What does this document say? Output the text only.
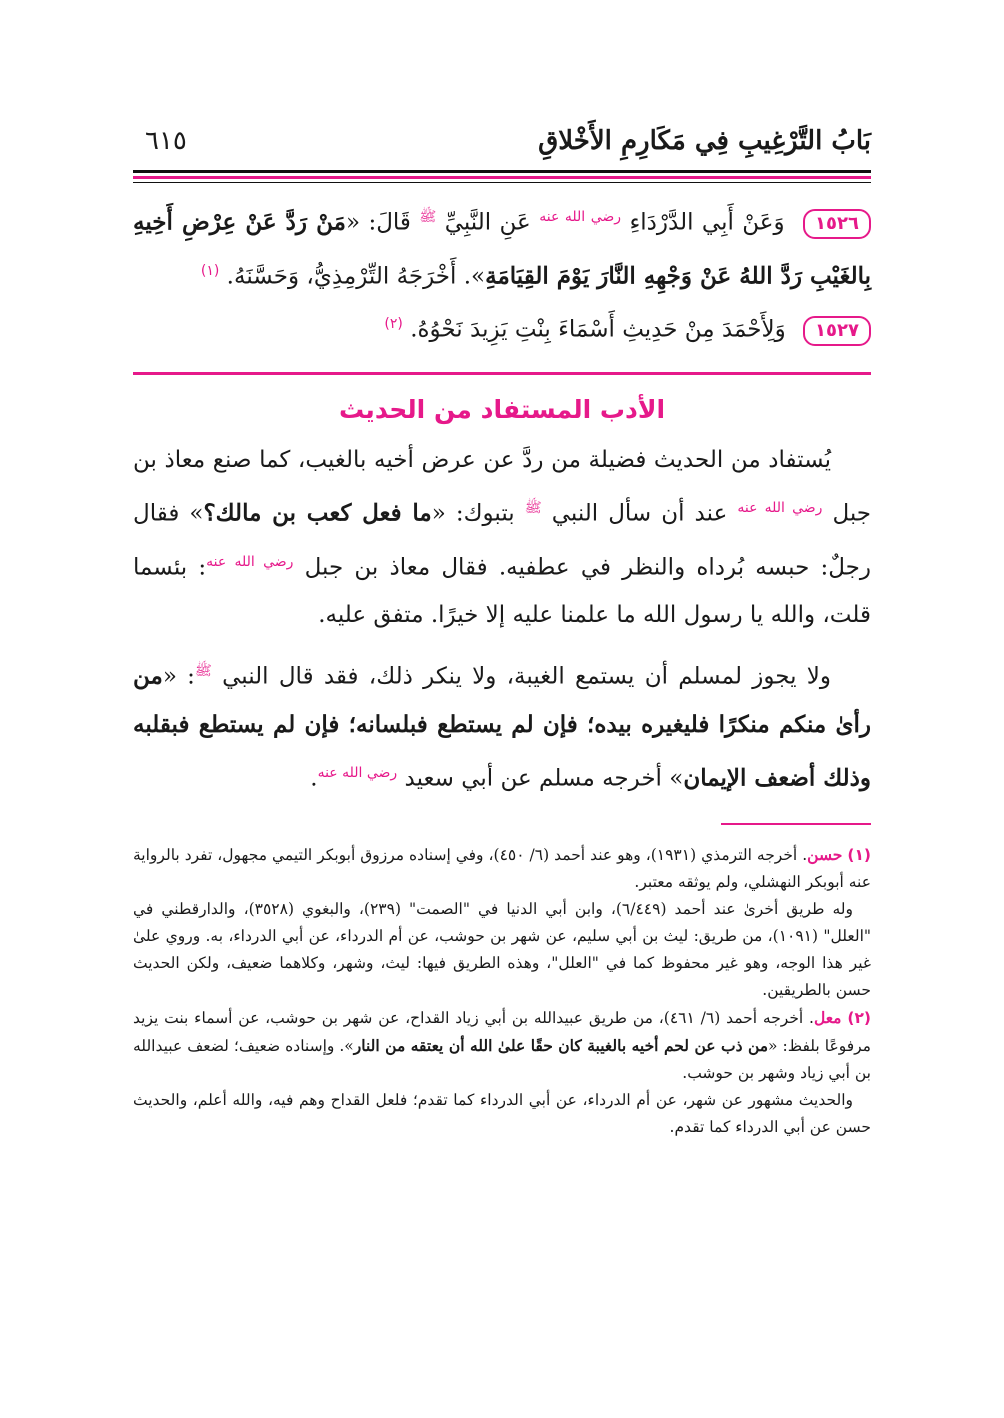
بَابُ التَّرْغِيبِ فِي مَكَارِمِ الأَخْلاقِ
٦١٥

١٥٢٦ وَعَنْ أَبِي الدَّرْدَاءِ $^{رضي الله عنه}$ عَنِ النَّبِيِّ $^ﷺ$ قَالَ: «مَنْ رَدَّ عَنْ عِرْضِ أَخِيهِ بِالغَيْبِ رَدَّ اللهُ عَنْ وَجْهِهِ النَّارَ يَوْمَ القِيَامَةِ». أَخْرَجَهُ التِّرْمِذِيُّ، وَحَسَّنَهُ. $^{(١)}$

١٥٢٧ وَلِأَحْمَدَ مِنْ حَدِيثِ أَسْمَاءَ بِنْتِ يَزِيدَ نَحْوُهُ. $^{(٢)}$

الأدب المستفاد من الحديث

يُستفاد من الحديث فضيلة من ردَّ عن عرض أخيه بالغيب، كما صنع معاذ بن جبل $^{رضي الله عنه}$ عند أن سأل النبي $^ﷺ$ بتبوك: «ما فعل كعب بن مالك؟» فقال رجلٌ: حبسه بُرداه والنظر في عطفيه. فقال معاذ بن جبل $^{رضي الله عنه}$: بئسما قلت، والله يا رسول الله ما علمنا عليه إلا خيرًا. متفق عليه.

ولا يجوز لمسلم أن يستمع الغيبة، ولا ينكر ذلك، فقد قال النبي $^ﷺ$: «من رأىٰ منكم منكرًا فليغيره بيده؛ فإن لم يستطع فبلسانه؛ فإن لم يستطع فبقلبه وذلك أضعف الإيمان» أخرجه مسلم عن أبي سعيد $^{رضي الله عنه}$.

(١) حسن. أخرجه الترمذي (١٩٣١)، وهو عند أحمد (٦/ ٤٥٠)، وفي إسناده مرزوق أبوبكر التيمي مجهول، تفرد بالرواية عنه أبوبكر النهشلي، ولم يوثقه معتبر.

وله طريق أخرىٰ عند أحمد (٦/٤٤٩)، وابن أبي الدنيا في "الصمت" (٢٣٩)، والبغوي (٣٥٢٨)، والدارقطني في "العلل" (١٠٩١)، من طريق: ليث بن أبي سليم، عن شهر بن حوشب، عن أم الدرداء، عن أبي الدرداء، به. وروي علىٰ غير هذا الوجه، وهو غير محفوظ كما في "العلل"، وهذه الطريق فيها: ليث، وشهر، وكلاهما ضعيف، ولكن الحديث حسن بالطريقين.

(٢) معل. أخرجه أحمد (٦/ ٤٦١)، من طريق عبيدالله بن أبي زياد القداح، عن شهر بن حوشب، عن أسماء بنت يزيد مرفوعًا بلفظ: «من ذب عن لحم أخيه بالغيبة كان حقًا علىٰ الله أن يعتقه من النار». وإسناده ضعيف؛ لضعف عبيدالله بن أبي زياد وشهر بن حوشب.

والحديث مشهور عن شهر، عن أم الدرداء، عن أبي الدرداء كما تقدم؛ فلعل القداح وهم فيه، والله أعلم، والحديث حسن عن أبي الدرداء كما تقدم.
